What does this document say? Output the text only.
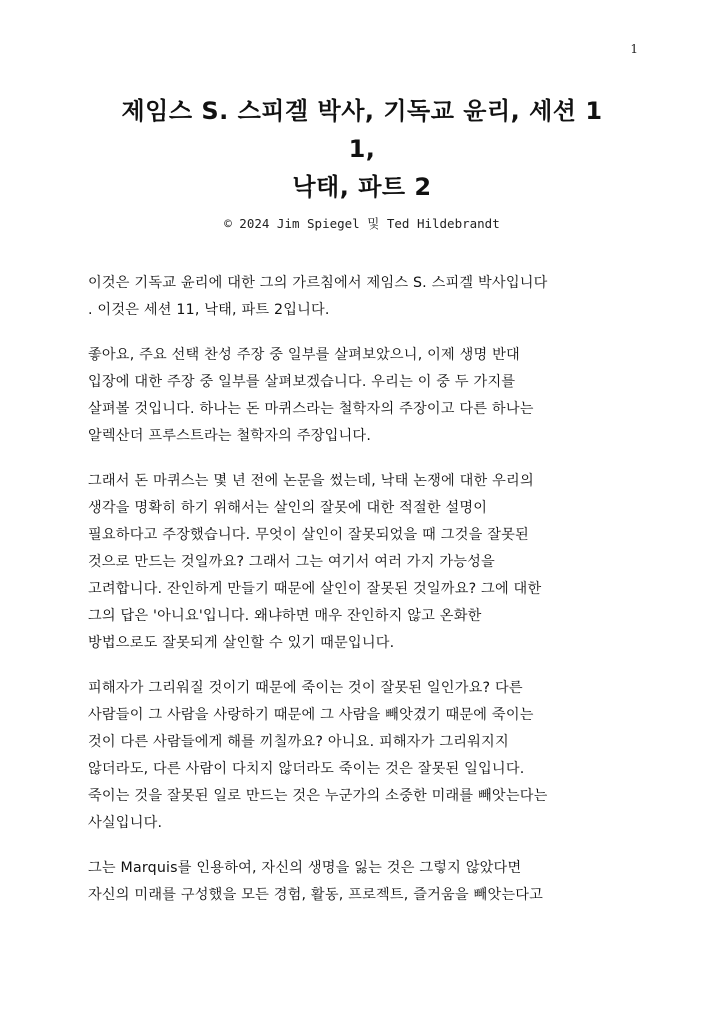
1
제임스 S. 스피겔 박사, 기독교 윤리, 세션 1
1,
낙태, 파트 2
© 2024 Jim Spiegel 및 Ted Hildebrandt
이것은 기독교 윤리에 대한 그의 가르침에서 제임스 S. 스피겔 박사입니다
. 이것은 세션 11, 낙태, 파트 2입니다.
좋아요, 주요 선택 찬성 주장 중 일부를 살펴보았으니, 이제 생명 반대
입장에 대한 주장 중 일부를 살펴보겠습니다. 우리는 이 중 두 가지를
살펴볼 것입니다. 하나는 돈 마퀴스라는 철학자의 주장이고 다른 하나는
알렉산더 프루스트라는 철학자의 주장입니다.
그래서 돈 마퀴스는 몇 년 전에 논문을 썼는데, 낙태 논쟁에 대한 우리의
생각을 명확히 하기 위해서는 살인의 잘못에 대한 적절한 설명이
필요하다고 주장했습니다. 무엇이 살인이 잘못되었을 때 그것을 잘못된
것으로 만드는 것일까요? 그래서 그는 여기서 여러 가지 가능성을
고려합니다. 잔인하게 만들기 때문에 살인이 잘못된 것일까요? 그에 대한
그의 답은 '아니요'입니다. 왜냐하면 매우 잔인하지 않고 온화한
방법으로도 잘못되게 살인할 수 있기 때문입니다.
피해자가 그리워질 것이기 때문에 죽이는 것이 잘못된 일인가요? 다른
사람들이 그 사람을 사랑하기 때문에 그 사람을 빼앗겼기 때문에 죽이는
것이 다른 사람들에게 해를 끼칠까요? 아니요. 피해자가 그리워지지
않더라도, 다른 사람이 다치지 않더라도 죽이는 것은 잘못된 일입니다.
죽이는 것을 잘못된 일로 만드는 것은 누군가의 소중한 미래를 빼앗는다는
사실입니다.
그는 Marquis를 인용하여, 자신의 생명을 잃는 것은 그렇지 않았다면
자신의 미래를 구성했을 모든 경험, 활동, 프로젝트, 즐거움을 빼앗는다고
